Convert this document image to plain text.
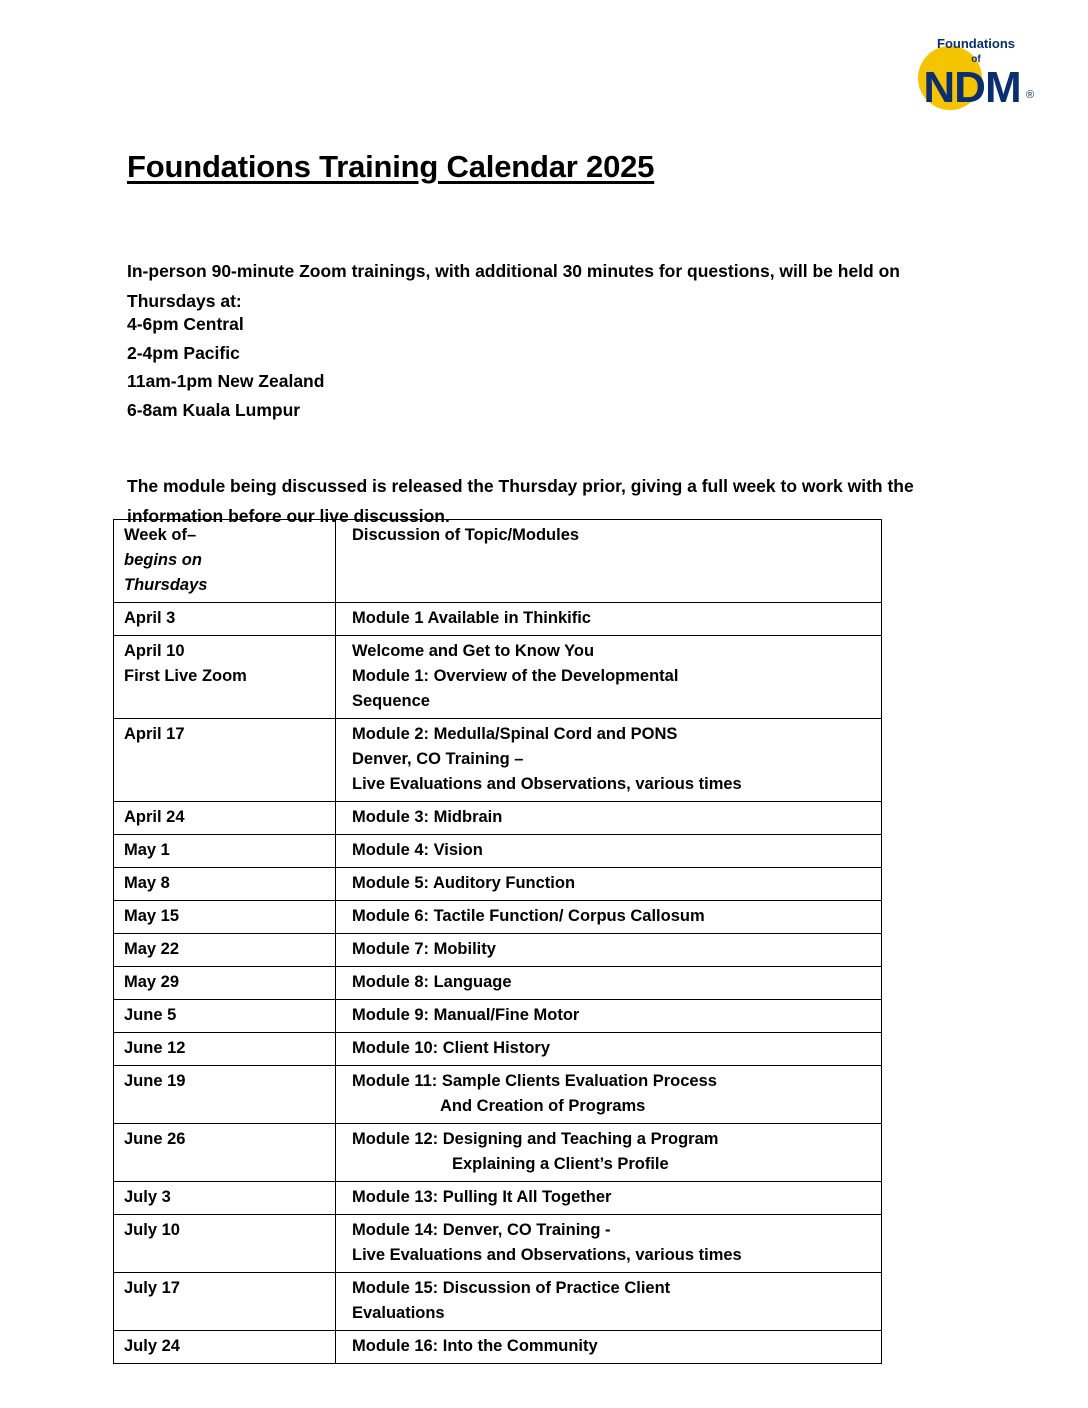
Foundations
of
NDM ®
Foundations Training Calendar 2025

In-person 90-minute Zoom trainings, with additional 30 minutes for questions, will be held on Thursdays at:

4-6pm Central
2-4pm Pacific
11am-1pm New Zealand
6-8am Kuala Lumpur

The module being discussed is released the Thursday prior, giving a full week to work with the information before our live discussion.

Week of–
begins on
Thursdays	Discussion of Topic/Modules

April 3	Module 1 Available in Thinkific

April 10
First Live Zoom	Welcome and Get to Know You
Module 1: Overview of the Developmental
Sequence

April 17	Module 2: Medulla/Spinal Cord and PONS
Denver, CO Training –
Live Evaluations and Observations, various times

April 24	Module 3: Midbrain

May 1	Module 4: Vision

May 8	Module 5: Auditory Function

May 15	Module 6: Tactile Function/ Corpus Callosum

May 22	Module 7: Mobility

May 29	Module 8: Language

June 5	Module 9: Manual/Fine Motor

June 12	Module 10: Client History

June 19	Module 11: Sample Clients Evaluation Process
And Creation of Programs

June 26	Module 12: Designing and Teaching a Program
Explaining a Client’s Profile

July 3	Module 13: Pulling It All Together

July 10	Module 14: Denver, CO Training -
Live Evaluations and Observations, various times

July 17	Module 15: Discussion of Practice Client
Evaluations

July 24	Module 16: Into the Community
